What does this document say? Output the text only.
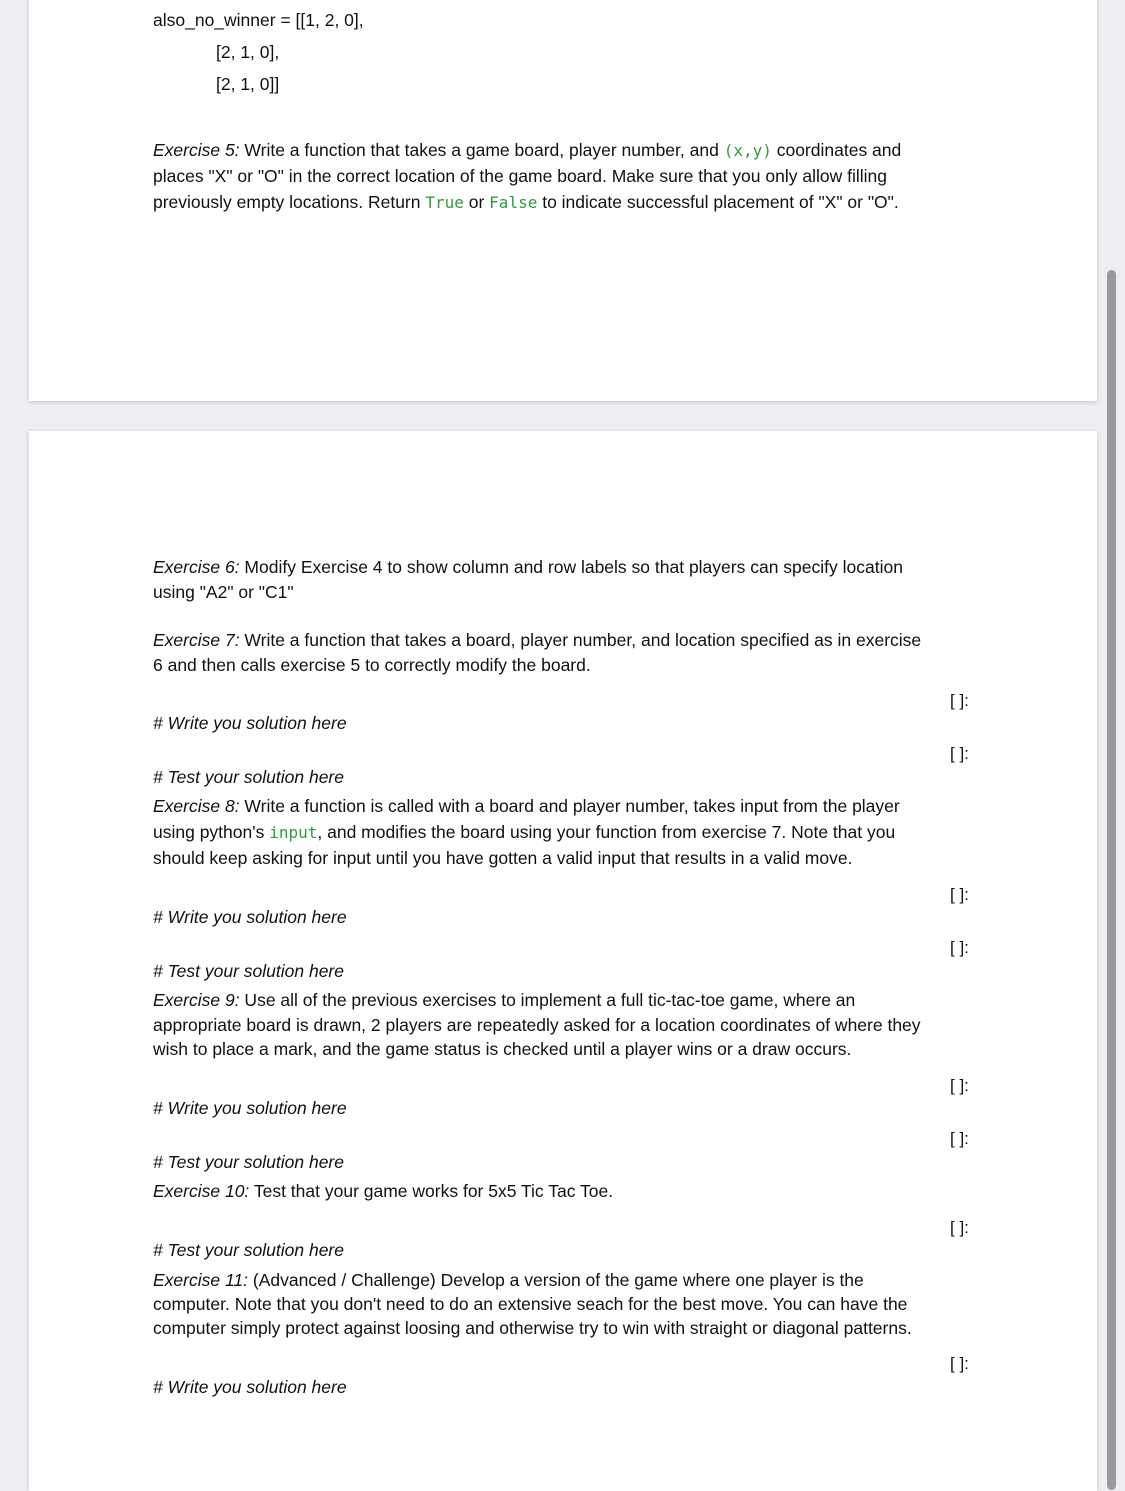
also_no_winner = [[1, 2, 0],
[2, 1, 0],
[2, 1, 0]]
Exercise 5: Write a function that takes a game board, player number, and (x,y) coordinates and
places "X" or "O" in the correct location of the game board. Make sure that you only allow filling
previously empty locations. Return True or False to indicate successful placement of "X" or "O".
Exercise 6: Modify Exercise 4 to show column and row labels so that players can specify location
using "A2" or "C1"
Exercise 7: Write a function that takes a board, player number, and location specified as in exercise
6 and then calls exercise 5 to correctly modify the board.
[ ]:
# Write you solution here
[ ]:
# Test your solution here
Exercise 8: Write a function is called with a board and player number, takes input from the player
using python's input, and modifies the board using your function from exercise 7. Note that you
should keep asking for input until you have gotten a valid input that results in a valid move.
[ ]:
# Write you solution here
[ ]:
# Test your solution here
Exercise 9: Use all of the previous exercises to implement a full tic-tac-toe game, where an
appropriate board is drawn, 2 players are repeatedly asked for a location coordinates of where they
wish to place a mark, and the game status is checked until a player wins or a draw occurs.
[ ]:
# Write you solution here
[ ]:
# Test your solution here
Exercise 10: Test that your game works for 5x5 Tic Tac Toe.
[ ]:
# Test your solution here
Exercise 11: (Advanced / Challenge) Develop a version of the game where one player is the
computer. Note that you don't need to do an extensive seach for the best move. You can have the
computer simply protect against loosing and otherwise try to win with straight or diagonal patterns.
[ ]:
# Write you solution here
